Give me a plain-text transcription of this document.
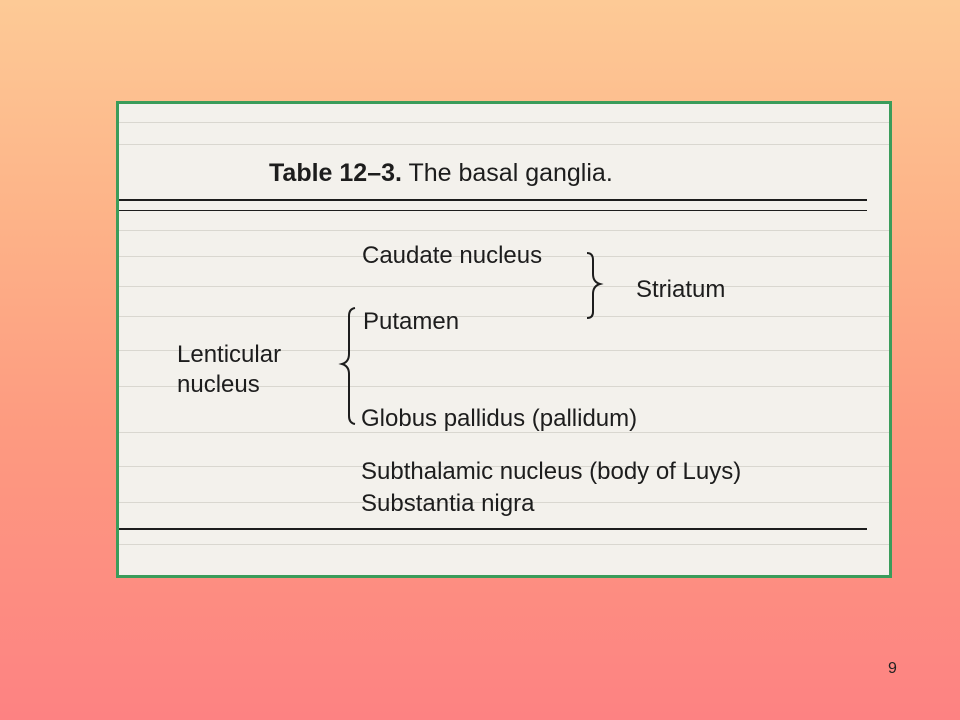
Table 12–3. The basal ganglia.
Caudate nucleus
Striatum
Putamen
Lenticular
nucleus
Globus pallidus (pallidum)
Subthalamic nucleus (body of Luys)
Substantia nigra
9
